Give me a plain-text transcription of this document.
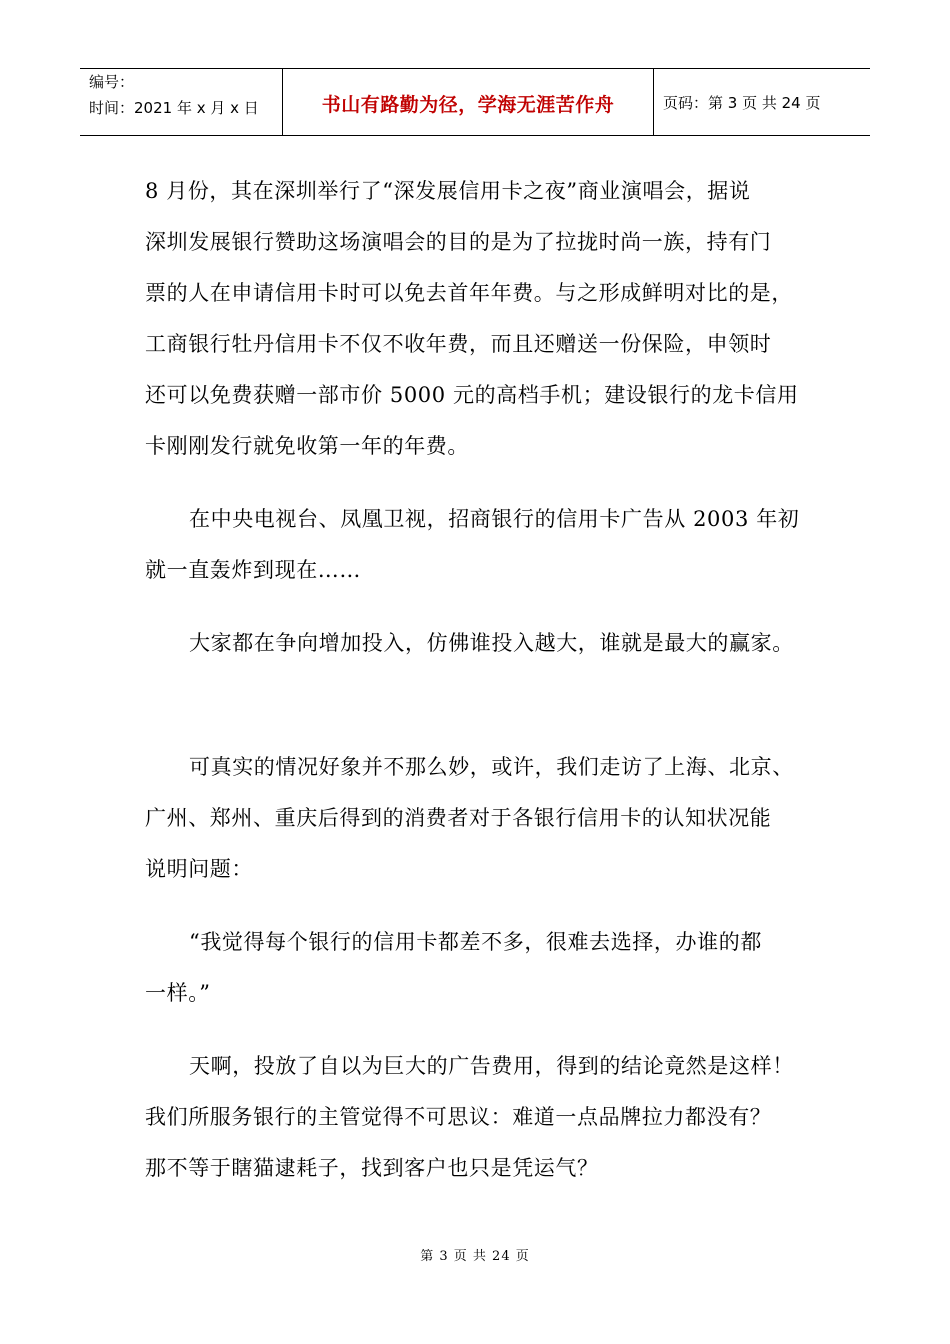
编号：
时间：2021 年 x 月 x 日	书山有路勤为径，学海无涯苦作舟	页码：第 3 页 共 24 页
8 月份，其在深圳举行了“深发展信用卡之夜”商业演唱会，据说
深圳发展银行赞助这场演唱会的目的是为了拉拢时尚一族，持有门
票的人在申请信用卡时可以免去首年年费。与之形成鲜明对比的是，
工商银行牡丹信用卡不仅不收年费，而且还赠送一份保险，申领时
还可以免费获赠一部市价 5000 元的高档手机；建设银行的龙卡信用
卡刚刚发行就免收第一年的年费。
在中央电视台、凤凰卫视，招商银行的信用卡广告从 2003 年初
就一直轰炸到现在……
大家都在争向增加投入，仿佛谁投入越大，谁就是最大的赢家。
可真实的情况好象并不那么妙，或许，我们走访了上海、北京、
广州、郑州、重庆后得到的消费者对于各银行信用卡的认知状况能
说明问题：
“我觉得每个银行的信用卡都差不多，很难去选择，办谁的都
一样。”
天啊，投放了自以为巨大的广告费用，得到的结论竟然是这样！
我们所服务银行的主管觉得不可思议：难道一点品牌拉力都没有？
那不等于瞎猫逮耗子，找到客户也只是凭运气？
第 3 页 共 24 页
